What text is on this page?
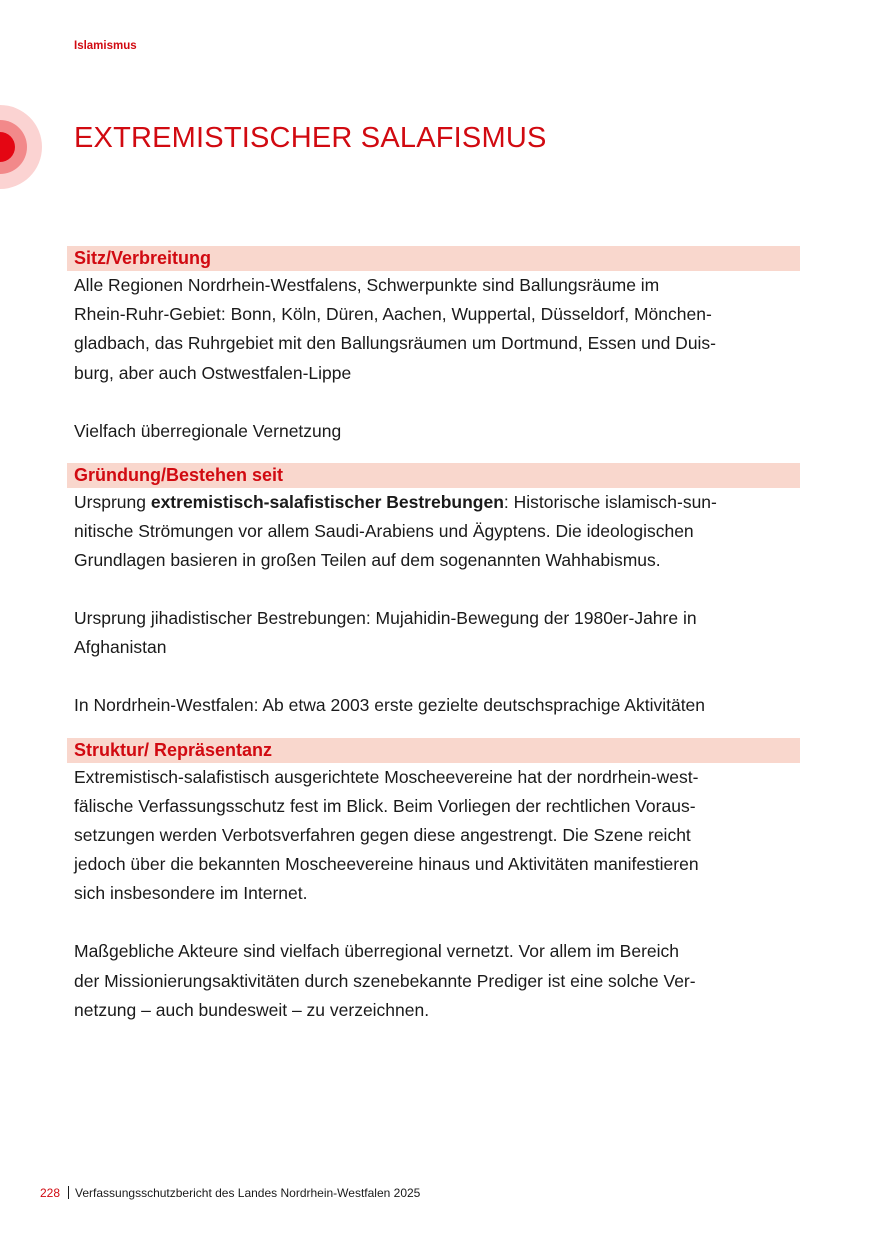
Islamismus

EXTREMISTISCHER SALAFISMUS
Sitz/Verbreitung

Alle Regionen Nordrhein-Westfalens, Schwerpunkte sind Ballungsräume im
Rhein-Ruhr-Gebiet: Bonn, Köln, Düren, Aachen, Wuppertal, Düsseldorf, Mönchen-
gladbach, das Ruhrgebiet mit den Ballungsräumen um Dortmund, Essen und Duis-
burg, aber auch Ostwestfalen-Lippe

Vielfach überregionale Vernetzung

Gründung/Bestehen seit

Ursprung extremistisch-salafistischer Bestrebungen: Historische islamisch-sun-
nitische Strömungen vor allem Saudi-Arabiens und Ägyptens. Die ideologischen
Grundlagen basieren in großen Teilen auf dem sogenannten Wahhabismus.

Ursprung jihadistischer Bestrebungen: Mujahidin-Bewegung der 1980er-Jahre in
Afghanistan

In Nordrhein-Westfalen: Ab etwa 2003 erste gezielte deutschsprachige Aktivitäten

Struktur/ Repräsentanz

Extremistisch-salafistisch ausgerichtete Moscheevereine hat der nordrhein-west-
fälische Verfassungsschutz fest im Blick. Beim Vorliegen der rechtlichen Voraus-
setzungen werden Verbotsverfahren gegen diese angestrengt. Die Szene reicht
jedoch über die bekannten Moscheevereine hinaus und Aktivitäten manifestieren
sich insbesondere im Internet.

Maßgebliche Akteure sind vielfach überregional vernetzt. Vor allem im Bereich
der Missionierungsaktivitäten durch szenebekannte Prediger ist eine solche Ver-
netzung – auch bundesweit – zu verzeichnen.

228 Verfassungsschutzbericht des Landes Nordrhein-Westfalen 2025
